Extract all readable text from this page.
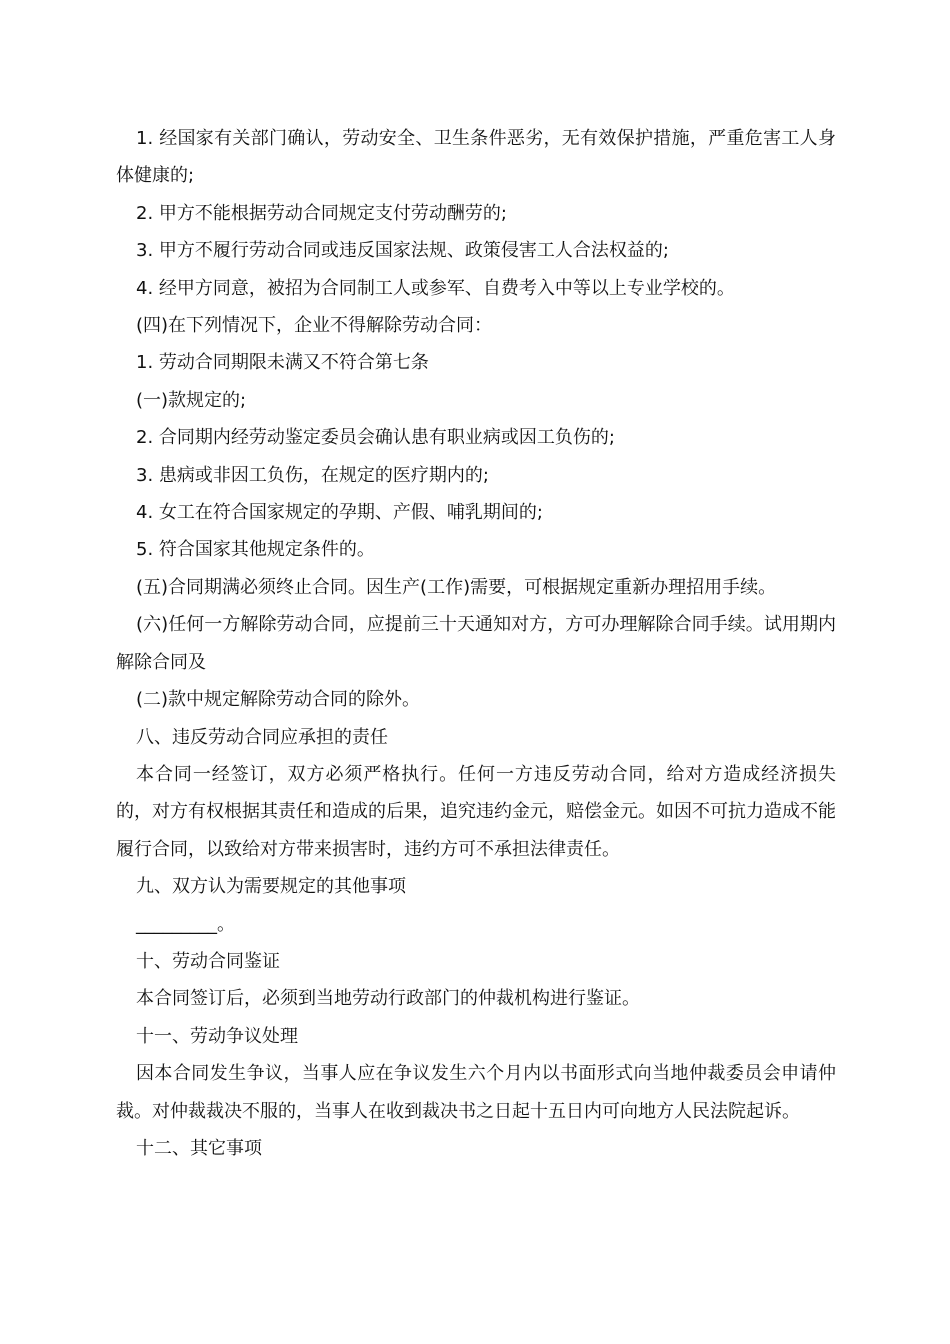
1. 经国家有关部门确认，劳动安全、卫生条件恶劣，无有效保护措施，严重危害工人身体健康的;

2. 甲方不能根据劳动合同规定支付劳动酬劳的;

3. 甲方不履行劳动合同或违反国家法规、政策侵害工人合法权益的;

4. 经甲方同意，被招为合同制工人或参军、自费考入中等以上专业学校的。

(四)在下列情况下，企业不得解除劳动合同：

1. 劳动合同期限未满又不符合第七条

(一)款规定的;

2. 合同期内经劳动鉴定委员会确认患有职业病或因工负伤的;

3. 患病或非因工负伤，在规定的医疗期内的;

4. 女工在符合国家规定的孕期、产假、哺乳期间的;

5. 符合国家其他规定条件的。

(五)合同期满必须终止合同。因生产(工作)需要，可根据规定重新办理招用手续。

(六)任何一方解除劳动合同，应提前三十天通知对方，方可办理解除合同手续。试用期内解除合同及

(二)款中规定解除劳动合同的除外。

八、违反劳动合同应承担的责任

本合同一经签订，双方必须严格执行。任何一方违反劳动合同，给对方造成经济损失的，对方有权根据其责任和造成的后果，追究违约金元，赔偿金元。如因不可抗力造成不能履行合同，以致给对方带来损害时，违约方可不承担法律责任。

九、双方认为需要规定的其他事项

_________。

十、劳动合同鉴证

本合同签订后，必须到当地劳动行政部门的仲裁机构进行鉴证。

十一、劳动争议处理

因本合同发生争议，当事人应在争议发生六个月内以书面形式向当地仲裁委员会申请仲裁。对仲裁裁决不服的，当事人在收到裁决书之日起十五日内可向地方人民法院起诉。

十二、其它事项
